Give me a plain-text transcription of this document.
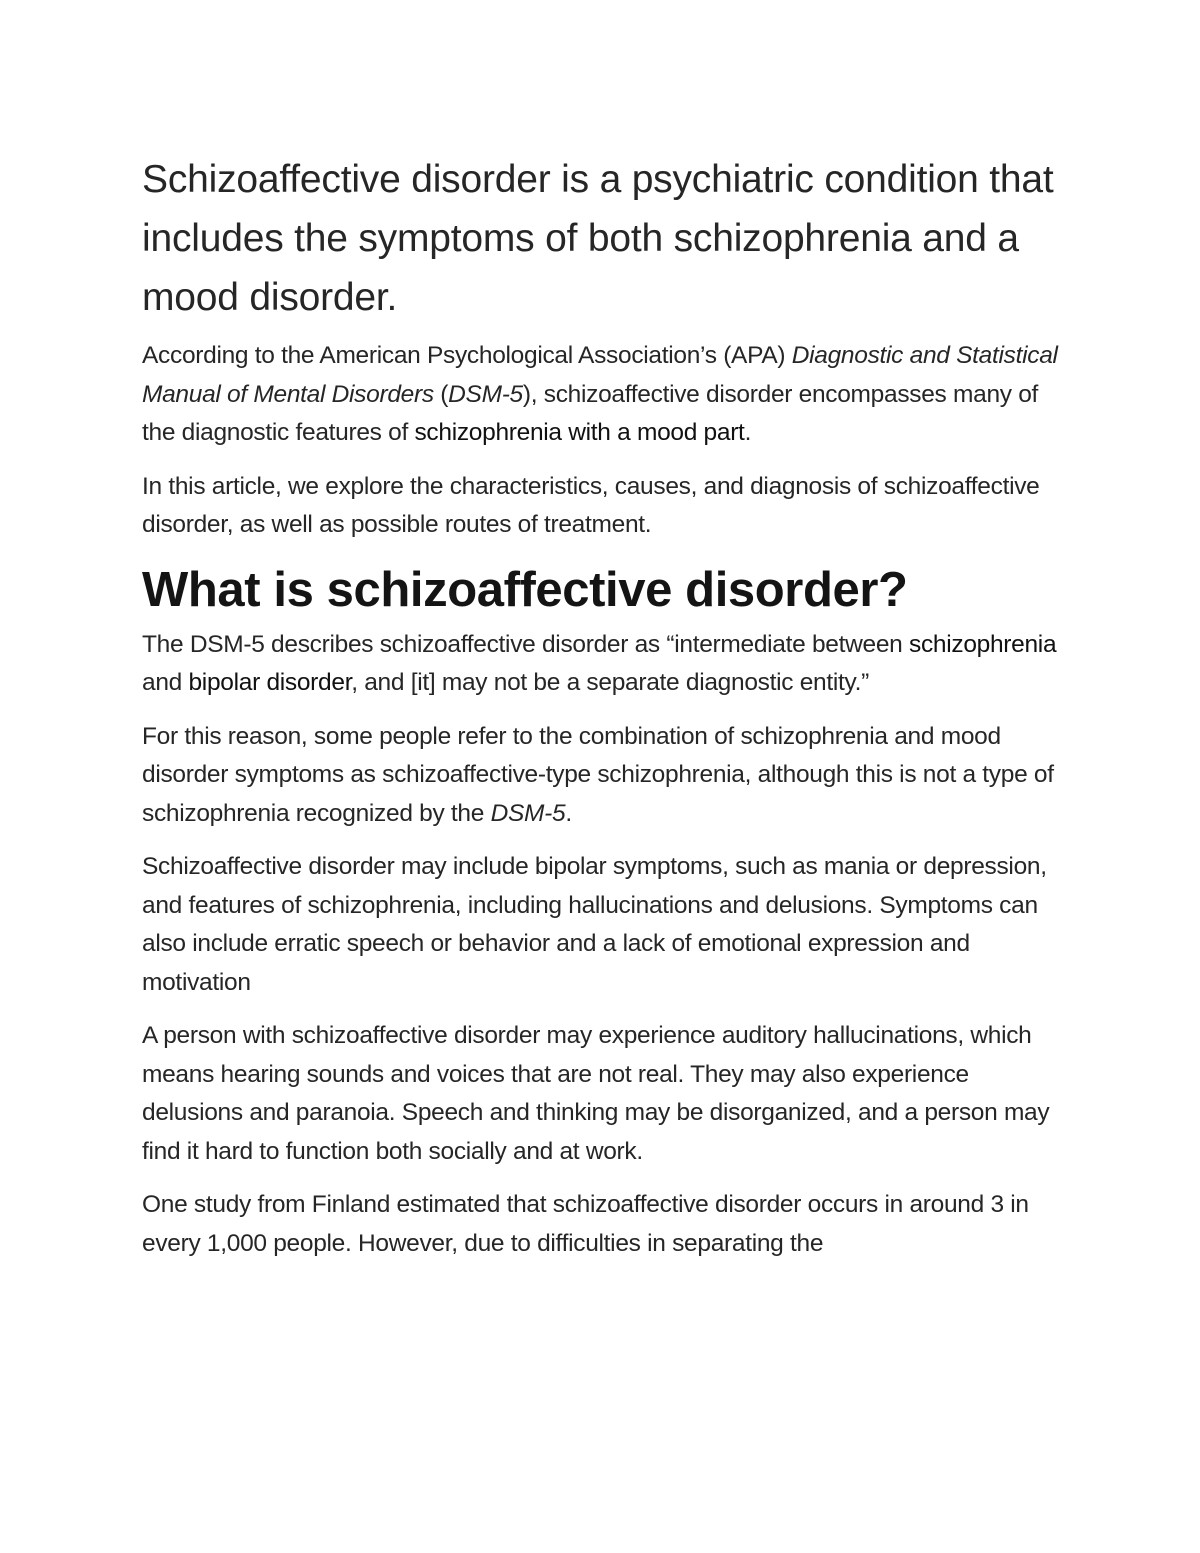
Schizoaffective disorder is a psychiatric condition that includes the symptoms of both schizophrenia and a mood disorder.

According to the American Psychological Association’s (APA) Diagnostic and Statistical Manual of Mental Disorders (DSM-5), schizoaffective disorder encompasses many of the diagnostic features of schizophrenia with a mood part.

In this article, we explore the characteristics, causes, and diagnosis of schizoaffective disorder, as well as possible routes of treatment.

What is schizoaffective disorder?

The DSM-5 describes schizoaffective disorder as “intermediate between schizophrenia and bipolar disorder, and [it] may not be a separate diagnostic entity.”

For this reason, some people refer to the combination of schizophrenia and mood disorder symptoms as schizoaffective-type schizophrenia, although this is not a type of schizophrenia recognized by the DSM-5.

Schizoaffective disorder may include bipolar symptoms, such as mania or depression, and features of schizophrenia, including hallucinations and delusions. Symptoms can also include erratic speech or behavior and a lack of emotional expression and motivation

A person with schizoaffective disorder may experience auditory hallucinations, which means hearing sounds and voices that are not real. They may also experience delusions and paranoia. Speech and thinking may be disorganized, and a person may find it hard to function both socially and at work.

One study from Finland estimated that schizoaffective disorder occurs in around 3 in every 1,000 people. However, due to difficulties in separating the
